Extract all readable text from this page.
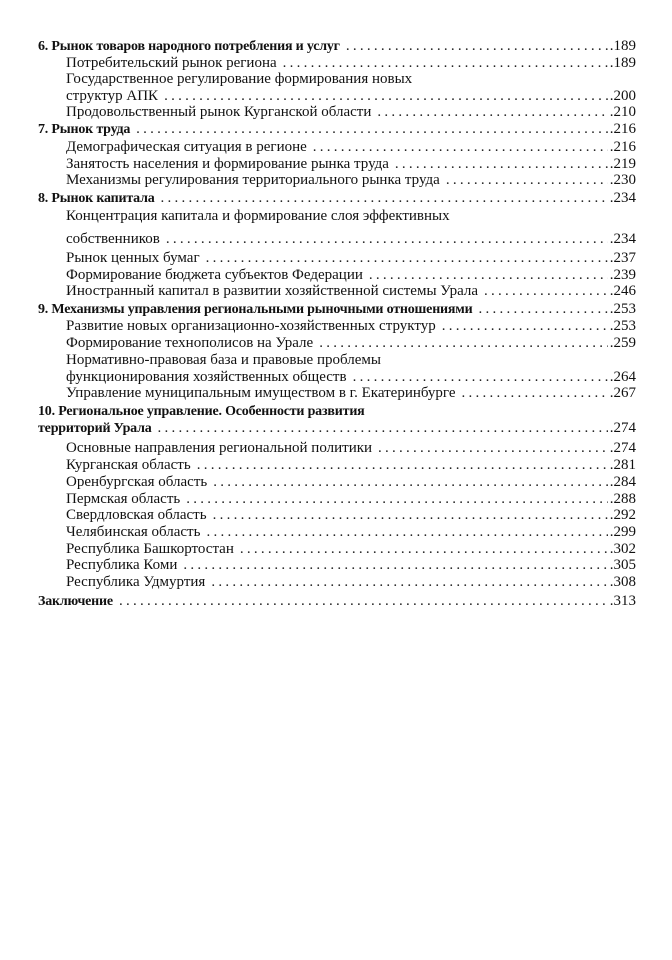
6. Рынок товаров народного потребления и услуг . . .	.189
Потребительский рынок региона . . .	.189
Государственное регулирование формирования новых
структур АПК . . .	.200
Продовольственный рынок Курганской области . . .	.210
7. Рынок труда . . .	.216
Демографическая ситуация в регионе . . .	.216
Занятость населения и формирование рынка труда . . .	.219
Механизмы регулирования территориального рынка труда . . .	.230
8. Рынок капитала . . .	.234
Концентрация капитала и формирование слоя эффективных
собственников . . .	.234
Рынок ценных бумаг . . .	.237
Формирование бюджета субъектов Федерации . . .	.239
Иностранный капитал в развитии хозяйственной системы Урала . . .	.246
9. Механизмы управления региональными рыночными отношениями . . .	.253
Развитие новых организационно-хозяйственных структур . . .	.253
Формирование технополисов на Урале . . .	.259
Нормативно-правовая база и правовые проблемы
функционирования хозяйственных обществ . . .	.264
Управление муниципальным имуществом в г. Екатеринбурге . . .	.267
10. Региональное управление. Особенности развития
территорий Урала . . .	.274
Основные направления региональной политики . . .	.274
Курганская область . . .	.281
Оренбургская область . . .	.284
Пермская область . . .	.288
Свердловская область . . .	.292
Челябинская область . . .	.299
Республика Башкортостан . . .	.302
Республика Коми . . .	.305
Республика Удмуртия . . .	.308
Заключение . . .	.313
